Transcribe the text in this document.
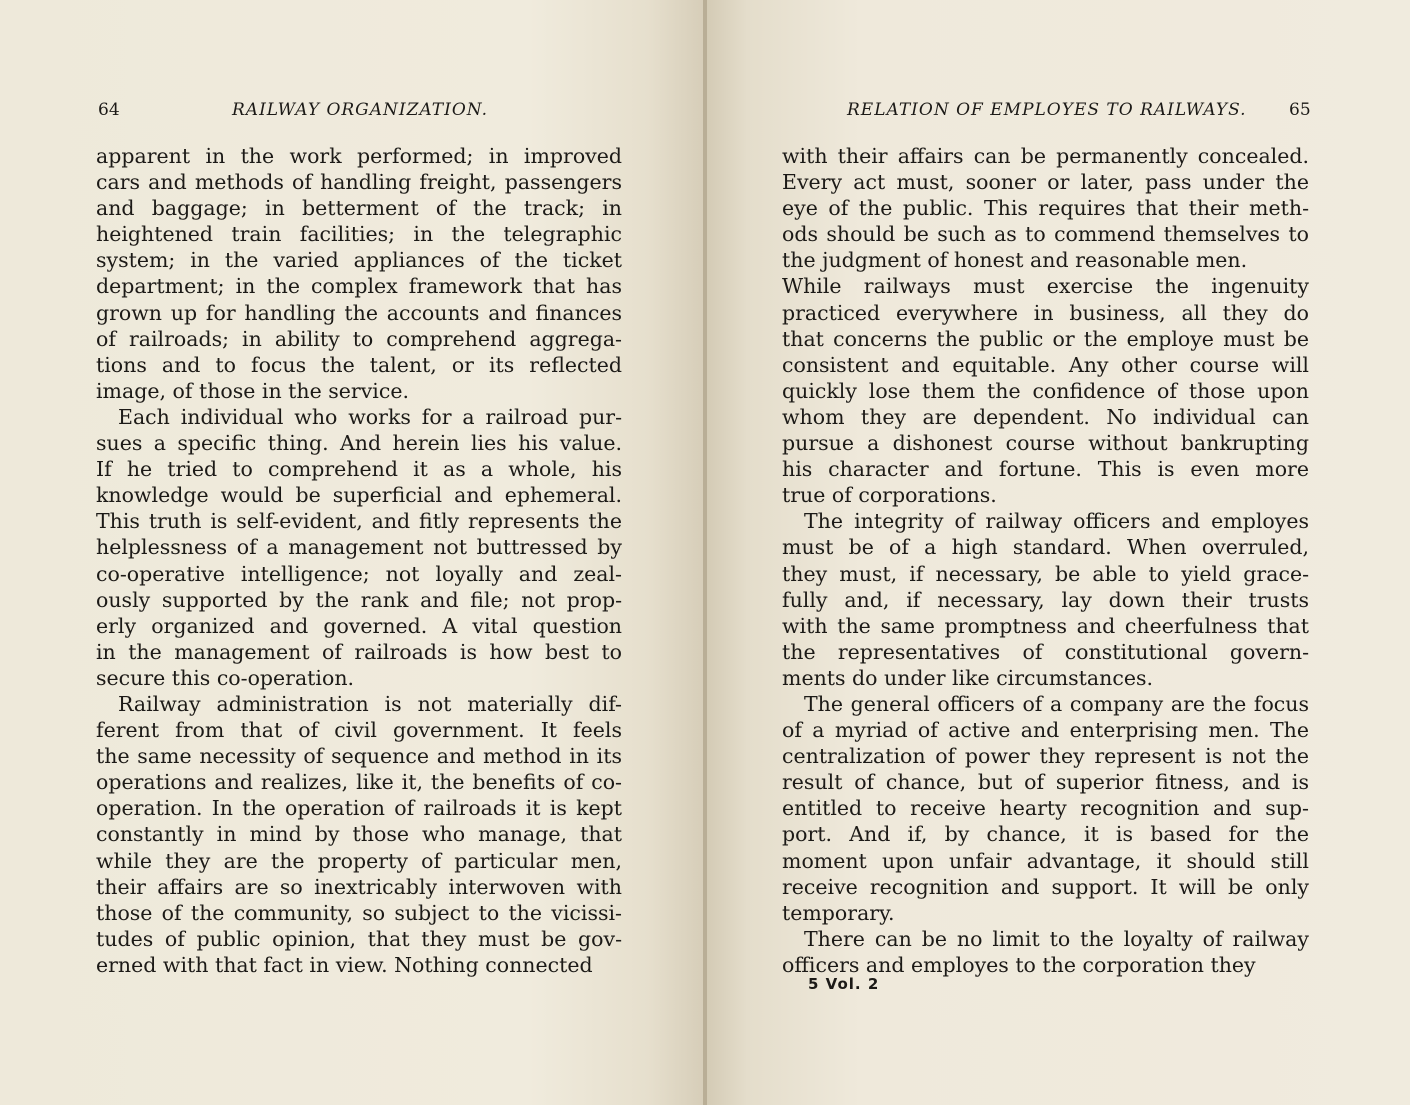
64	RAILWAY ORGANIZATION.
apparent in the work performed; in improved
cars and methods of handling freight, passengers
and baggage; in betterment of the track; in
heightened train facilities; in the telegraphic
system; in the varied appliances of the ticket
department; in the complex framework that has
grown up for handling the accounts and finances
of railroads; in ability to comprehend aggrega-
tions and to focus the talent, or its reflected
image, of those in the service.
Each individual who works for a railroad pur-
sues a specific thing. And herein lies his value.
If he tried to comprehend it as a whole, his
knowledge would be superficial and ephemeral.
This truth is self-evident, and fitly represents the
helplessness of a management not buttressed by
co-operative intelligence; not loyally and zeal-
ously supported by the rank and file; not prop-
erly organized and governed. A vital question
in the management of railroads is how best to
secure this co-operation.
Railway administration is not materially dif-
ferent from that of civil government. It feels
the same necessity of sequence and method in its
operations and realizes, like it, the benefits of co-
operation. In the operation of railroads it is kept
constantly in mind by those who manage, that
while they are the property of particular men,
their affairs are so inextricably interwoven with
those of the community, so subject to the vicissi-
tudes of public opinion, that they must be gov-
erned with that fact in view. Nothing connected
RELATION OF EMPLOYES TO RAILWAYS. 65
with their affairs can be permanently concealed.
Every act must, sooner or later, pass under the
eye of the public. This requires that their meth-
ods should be such as to commend themselves to
the judgment of honest and reasonable men.
While railways must exercise the ingenuity
practiced everywhere in business, all they do
that concerns the public or the employe must be
consistent and equitable. Any other course will
quickly lose them the confidence of those upon
whom they are dependent. No individual can
pursue a dishonest course without bankrupting
his character and fortune. This is even more
true of corporations.
The integrity of railway officers and employes
must be of a high standard. When overruled,
they must, if necessary, be able to yield grace-
fully and, if necessary, lay down their trusts
with the same promptness and cheerfulness that
the representatives of constitutional govern-
ments do under like circumstances.
The general officers of a company are the focus
of a myriad of active and enterprising men. The
centralization of power they represent is not the
result of chance, but of superior fitness, and is
entitled to receive hearty recognition and sup-
port. And if, by chance, it is based for the
moment upon unfair advantage, it should still
receive recognition and support. It will be only
temporary.
There can be no limit to the loyalty of railway
officers and employes to the corporation they
5 Vol. 2
